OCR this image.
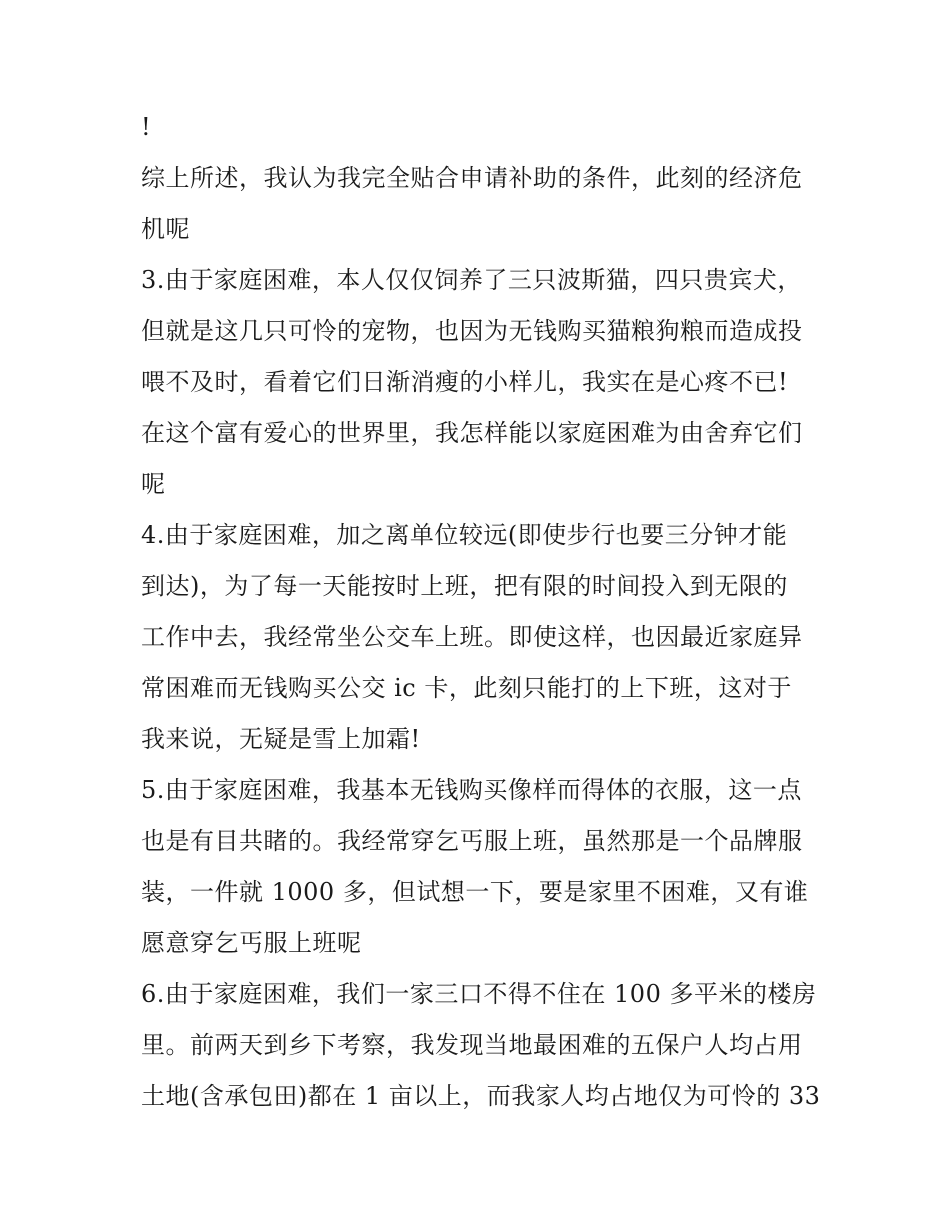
!
综上所述，我认为我完全贴合申请补助的条件，此刻的经济危
机呢
3.由于家庭困难，本人仅仅饲养了三只波斯猫，四只贵宾犬，
但就是这几只可怜的宠物，也因为无钱购买猫粮狗粮而造成投
喂不及时，看着它们日渐消瘦的小样儿，我实在是心疼不已!
在这个富有爱心的世界里，我怎样能以家庭困难为由舍弃它们
呢
4.由于家庭困难，加之离单位较远(即使步行也要三分钟才能
到达)，为了每一天能按时上班，把有限的时间投入到无限的
工作中去，我经常坐公交车上班。即使这样，也因最近家庭异
常困难而无钱购买公交 ic 卡，此刻只能打的上下班，这对于
我来说，无疑是雪上加霜!
5.由于家庭困难，我基本无钱购买像样而得体的衣服，这一点
也是有目共睹的。我经常穿乞丐服上班，虽然那是一个品牌服
装，一件就 1000 多，但试想一下，要是家里不困难，又有谁
愿意穿乞丐服上班呢
6.由于家庭困难，我们一家三口不得不住在 100 多平米的楼房
里。前两天到乡下考察，我发现当地最困难的五保户人均占用
土地(含承包田)都在 1 亩以上，而我家人均占地仅为可怜的 33
